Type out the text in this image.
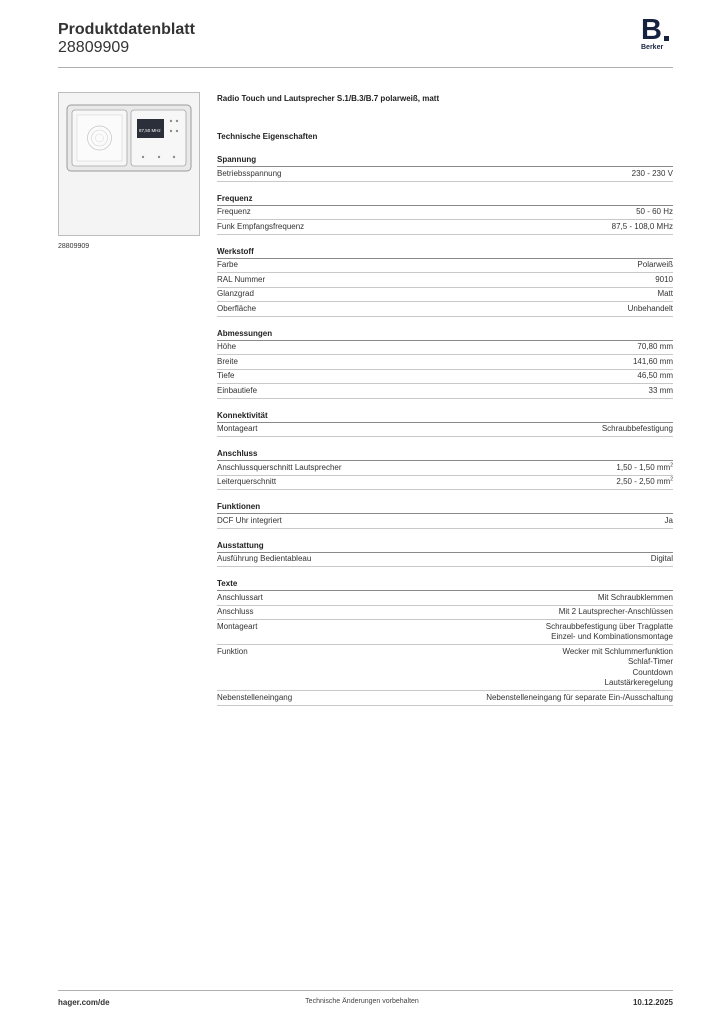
Produktdatenblatt
28809909
B
Berker
87,50 MHz
28809909
Radio Touch und Lautsprecher S.1/B.3/B.7 polarweiß, matt
Technische Eigenschaften
Spannung
Betriebsspannung	230 - 230 V
Frequenz
Frequenz	50 - 60 Hz
Funk Empfangsfrequenz	87,5 - 108,0 MHz
Werkstoff
Farbe	Polarweiß
RAL Nummer	9010
Glanzgrad	Matt
Oberfläche	Unbehandelt
Abmessungen
Höhe	70,80 mm
Breite	141,60 mm
Tiefe	46,50 mm
Einbautiefe	33 mm
Konnektivität
Montageart	Schraubbefestigung
Anschluss
Anschlussquerschnitt Lautsprecher	1,50 - 1,50 $mm^2$
Leiterquerschnitt	2,50 - 2,50 $mm^2$
Funktionen
DCF Uhr integriert	Ja
Ausstattung
Ausführung Bedientableau	Digital
Texte
Anschlussart	Mit Schraubklemmen
Anschluss	Mit 2 Lautsprecher-Anschlüssen
Montageart	Schraubbefestigung über Tragplatte
Einzel- und Kombinationsmontage
Funktion	Wecker mit Schlummerfunktion
Schlaf-Timer
Countdown
Lautstärkeregelung
Nebenstelleneingang	Nebenstelleneingang für separate Ein-/Ausschaltung
hager.com/de	Technische Änderungen vorbehalten	10.12.2025
